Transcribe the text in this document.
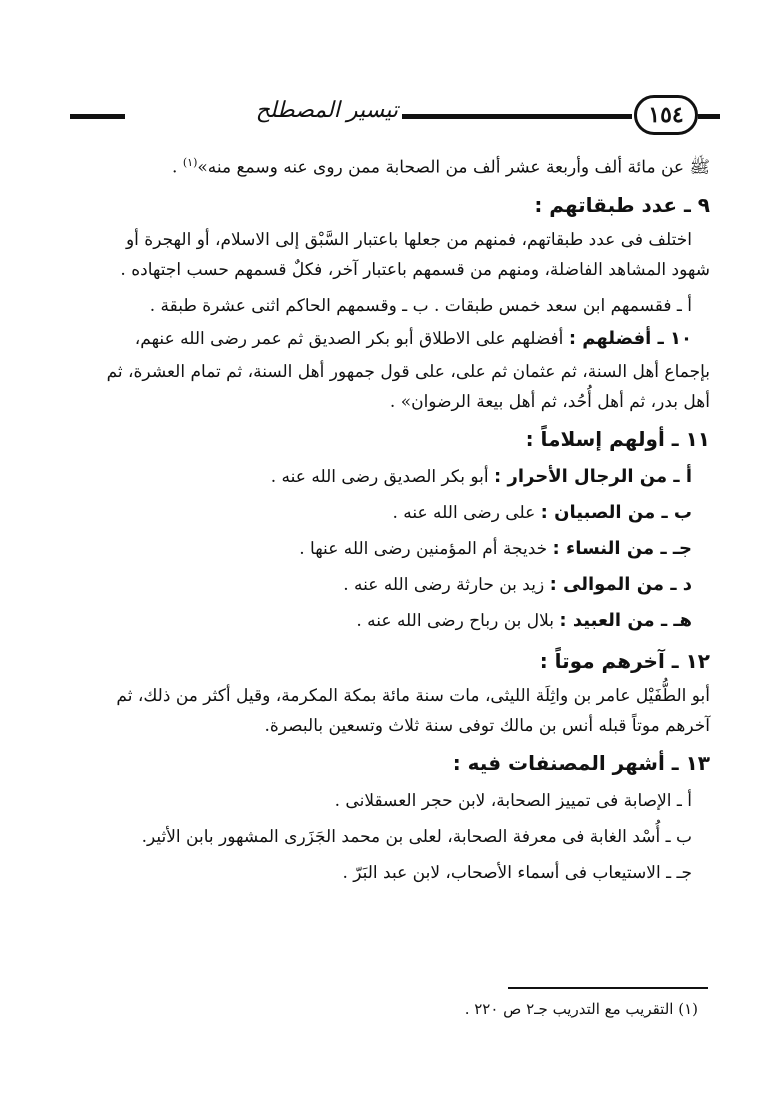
١٥٤
تيسير المصطلح

ﷺ عن مائة ألف وأربعة عشر ألف من الصحابة ممن روى عنه وسمع منه»$^{(١)}$ .

٩ ـ عدد طبقاتهم :

اختلف فى عدد طبقاتهم، فمنهم من جعلها باعتبار السَّبْق إلى الاسلام، أو الهجرة أو

شهود المشاهد الفاضلة، ومنهم من قسمهم باعتبار آخر، فكلٌ قسمهم حسب اجتهاده .

أ ـ فقسمهم ابن سعد خمس طبقات . ب ـ وقسمهم الحاكم اثنى عشرة طبقة .

١٠ ـ أفضلهم : أفضلهم على الاطلاق أبو بكر الصديق ثم عمر رضى الله عنهم،

بإجماع أهل السنة، ثم عثمان ثم على، على قول جمهور أهل السنة، ثم تمام العشرة، ثم

أهل بدر، ثم أهل أُحُد، ثم أهل بيعة الرضوان» .

١١ ـ أولهم إسلاماً :
أ ـ من الرجال الأحرار : أبو بكر الصديق رضى الله عنه .
ب ـ من الصبيان : على رضى الله عنه .
جـ ـ من النساء : خديجة أم المؤمنين رضى الله عنها .
د ـ من الموالى : زيد بن حارثة رضى الله عنه .
هـ ـ من العبيد : بلال بن رباح رضى الله عنه .
١٢ ـ آخرهم موتاً :

أبو الطُّفَيْل عامر بن واثِلَة الليثى، مات سنة مائة بمكة المكرمة، وقيل أكثر من ذلك، ثم

آخرهم موتاً قبله أنس بن مالك توفى سنة ثلاث وتسعين بالبصرة.

١٣ ـ أشهر المصنفات فيه :
أ ـ الإصابة فى تمييز الصحابة، لابن حجر العسقلانى .
ب ـ أُسْد الغابة فى معرفة الصحابة، لعلى بن محمد الجَزَرى المشهور بابن الأثير.
جـ ـ الاستيعاب فى أسماء الأصحاب، لابن عبد البَرّ .
(١) التقريب مع التدريب جـ٢ ص ٢٢٠ .
